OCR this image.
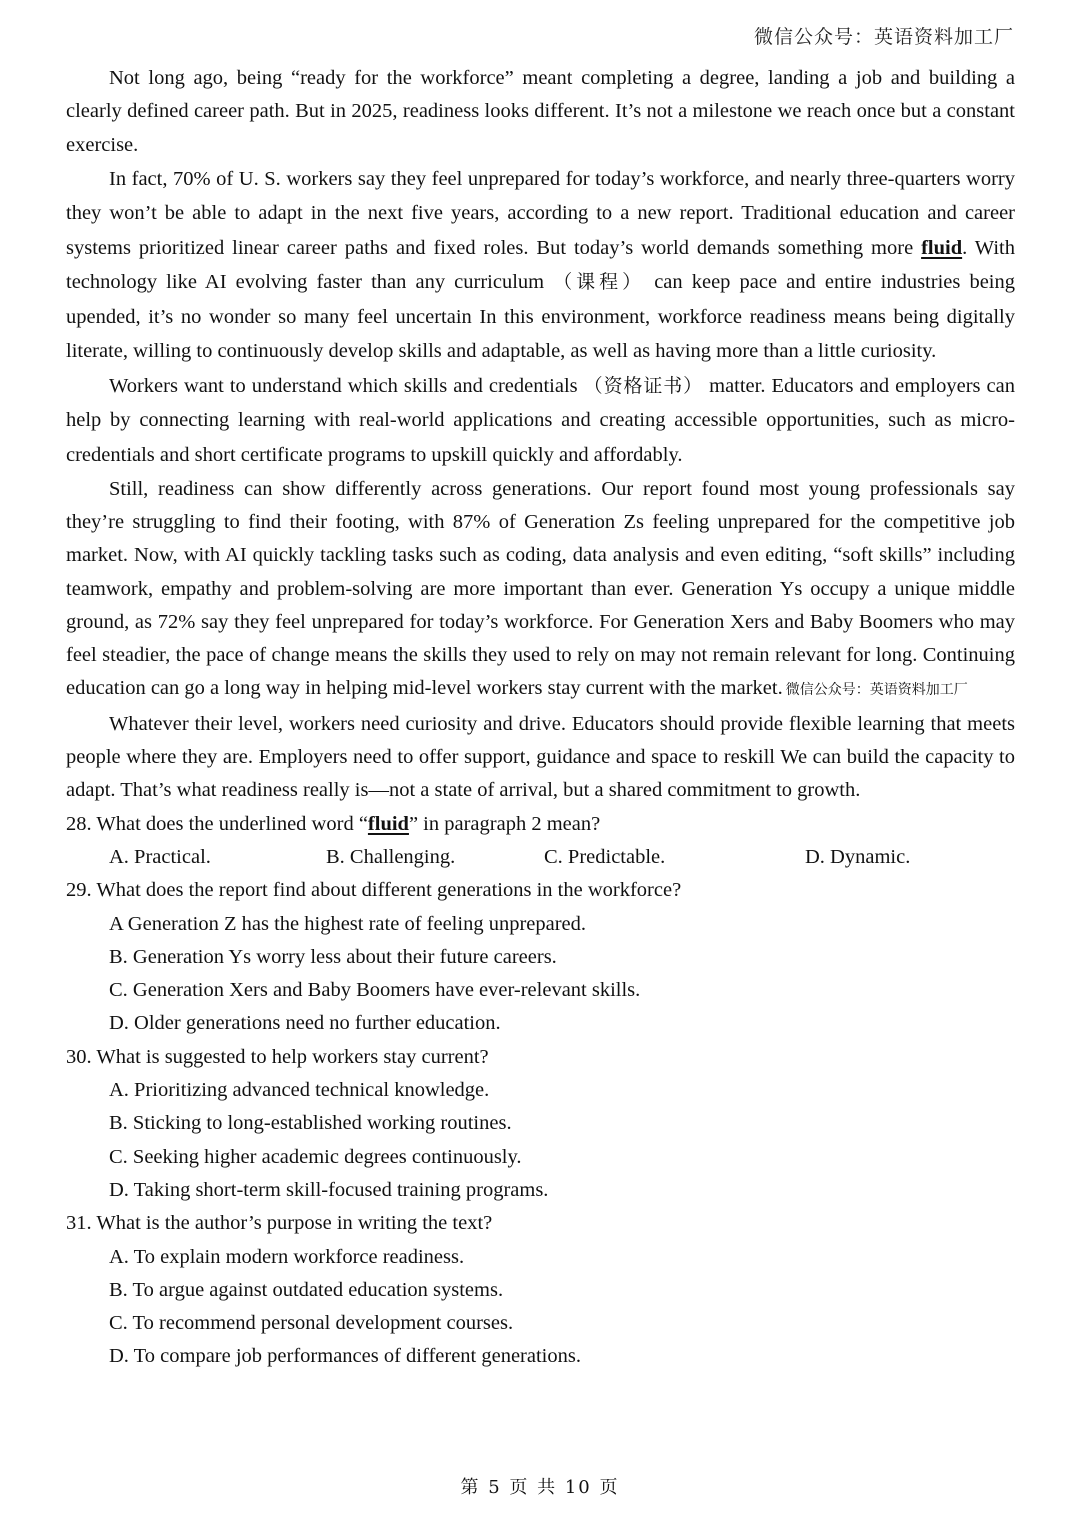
微信公众号：英语资料加工厂

Not long ago, being “ready for the workforce” meant completing a degree, landing a job and building a clearly defined career path. But in 2025, readiness looks different. It’s not a milestone we reach once but a constant exercise.

In fact, 70% of U. S. workers say they feel unprepared for today’s workforce, and nearly three-quarters worry they won’t be able to adapt in the next five years, according to a new report. Traditional education and career systems prioritized linear career paths and fixed roles. But today’s world demands something more fluid. With technology like AI evolving faster than any curriculum （课程） can keep pace and entire industries being upended, it’s no wonder so many feel uncertain In this environment, workforce readiness means being digitally literate, willing to continuously develop skills and adaptable, as well as having more than a little curiosity.

Workers want to understand which skills and credentials （资格证书） matter. Educators and employers can help by connecting learning with real-world applications and creating accessible opportunities, such as micro-credentials and short certificate programs to upskill quickly and affordably.

Still, readiness can show differently across generations. Our report found most young professionals say they’re struggling to find their footing, with 87% of Generation Zs feeling unprepared for the competitive job market. Now, with AI quickly tackling tasks such as coding, data analysis and even editing, “soft skills” including teamwork, empathy and problem-solving are more important than ever. Generation Ys occupy a unique middle ground, as 72% say they feel unprepared for today’s workforce. For Generation Xers and Baby Boomers who may feel steadier, the pace of change means the skills they used to rely on may not remain relevant for long. Continuing education can go a long way in helping mid-level workers stay current with the market. 微信公众号：英语资料加工厂

Whatever their level, workers need curiosity and drive. Educators should provide flexible learning that meets people where they are. Employers need to offer support, guidance and space to reskill We can build the capacity to adapt. That’s what readiness really is—not a state of arrival, but a shared commitment to growth.

28. What does the underlined word “fluid” in paragraph 2 mean?

A. Practical.	B. Challenging.	C. Predictable.	D. Dynamic.

29. What does the report find about different generations in the workforce?

A Generation Z has the highest rate of feeling unprepared.

B. Generation Ys worry less about their future careers.

C. Generation Xers and Baby Boomers have ever-relevant skills.

D. Older generations need no further education.

30. What is suggested to help workers stay current?

A. Prioritizing advanced technical knowledge.

B. Sticking to long-established working routines.

C. Seeking higher academic degrees continuously.

D. Taking short-term skill-focused training programs.

31. What is the author’s purpose in writing the text?

A. To explain modern workforce readiness.

B. To argue against outdated education systems.

C. To recommend personal development courses.

D. To compare job performances of different generations.

第 5 页 共 10 页
